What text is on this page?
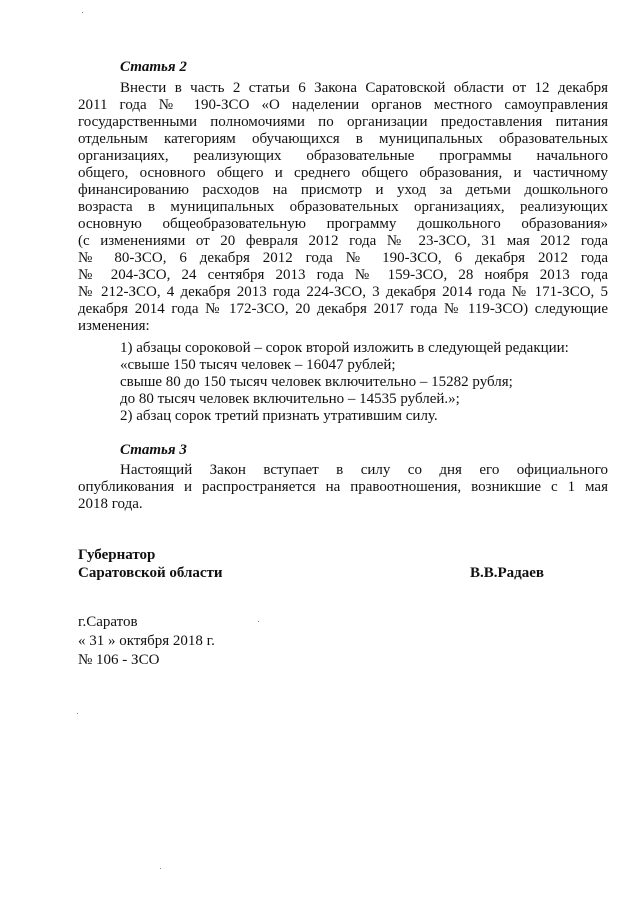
Статья 2
Внести в часть 2 статьи 6 Закона Саратовской области от 12 декабря
2011 года № 190-ЗСО «О наделении органов местного самоуправления
государственными полномочиями по организации предоставления питания
отдельным категориям обучающихся в муниципальных образовательных
организациях, реализующих образовательные программы начального
общего, основного общего и среднего общего образования, и частичному
финансированию расходов на присмотр и уход за детьми дошкольного
возраста в муниципальных образовательных организациях, реализующих
основную общеобразовательную программу дошкольного образования»
(с изменениями от 20 февраля 2012 года № 23-ЗСО, 31 мая 2012 года
№ 80-ЗСО, 6 декабря 2012 года № 190-ЗСО, 6 декабря 2012 года
№ 204-ЗСО, 24 сентября 2013 года № 159-ЗСО, 28 ноября 2013 года
№ 212-ЗСО, 4 декабря 2013 года 224-ЗСО, 3 декабря 2014 года № 171-ЗСО, 5
декабря 2014 года № 172-ЗСО, 20 декабря 2017 года № 119-ЗСО) следующие
изменения:
1) абзацы сороковой – сорок второй изложить в следующей редакции:
«свыше 150 тысяч человек – 16047 рублей;
свыше 80 до 150 тысяч человек включительно – 15282 рубля;
до 80 тысяч человек включительно – 14535 рублей.»;
2) абзац сорок третий признать утратившим силу.
Статья 3
Настоящий Закон вступает в силу со дня его официального
опубликования и распространяется на правоотношения, возникшие с 1 мая
2018 года.
Губернатор
Саратовской области	В.В.Радаев
г.Саратов
« 31 » октября 2018 г.
№ 106 - ЗСО
